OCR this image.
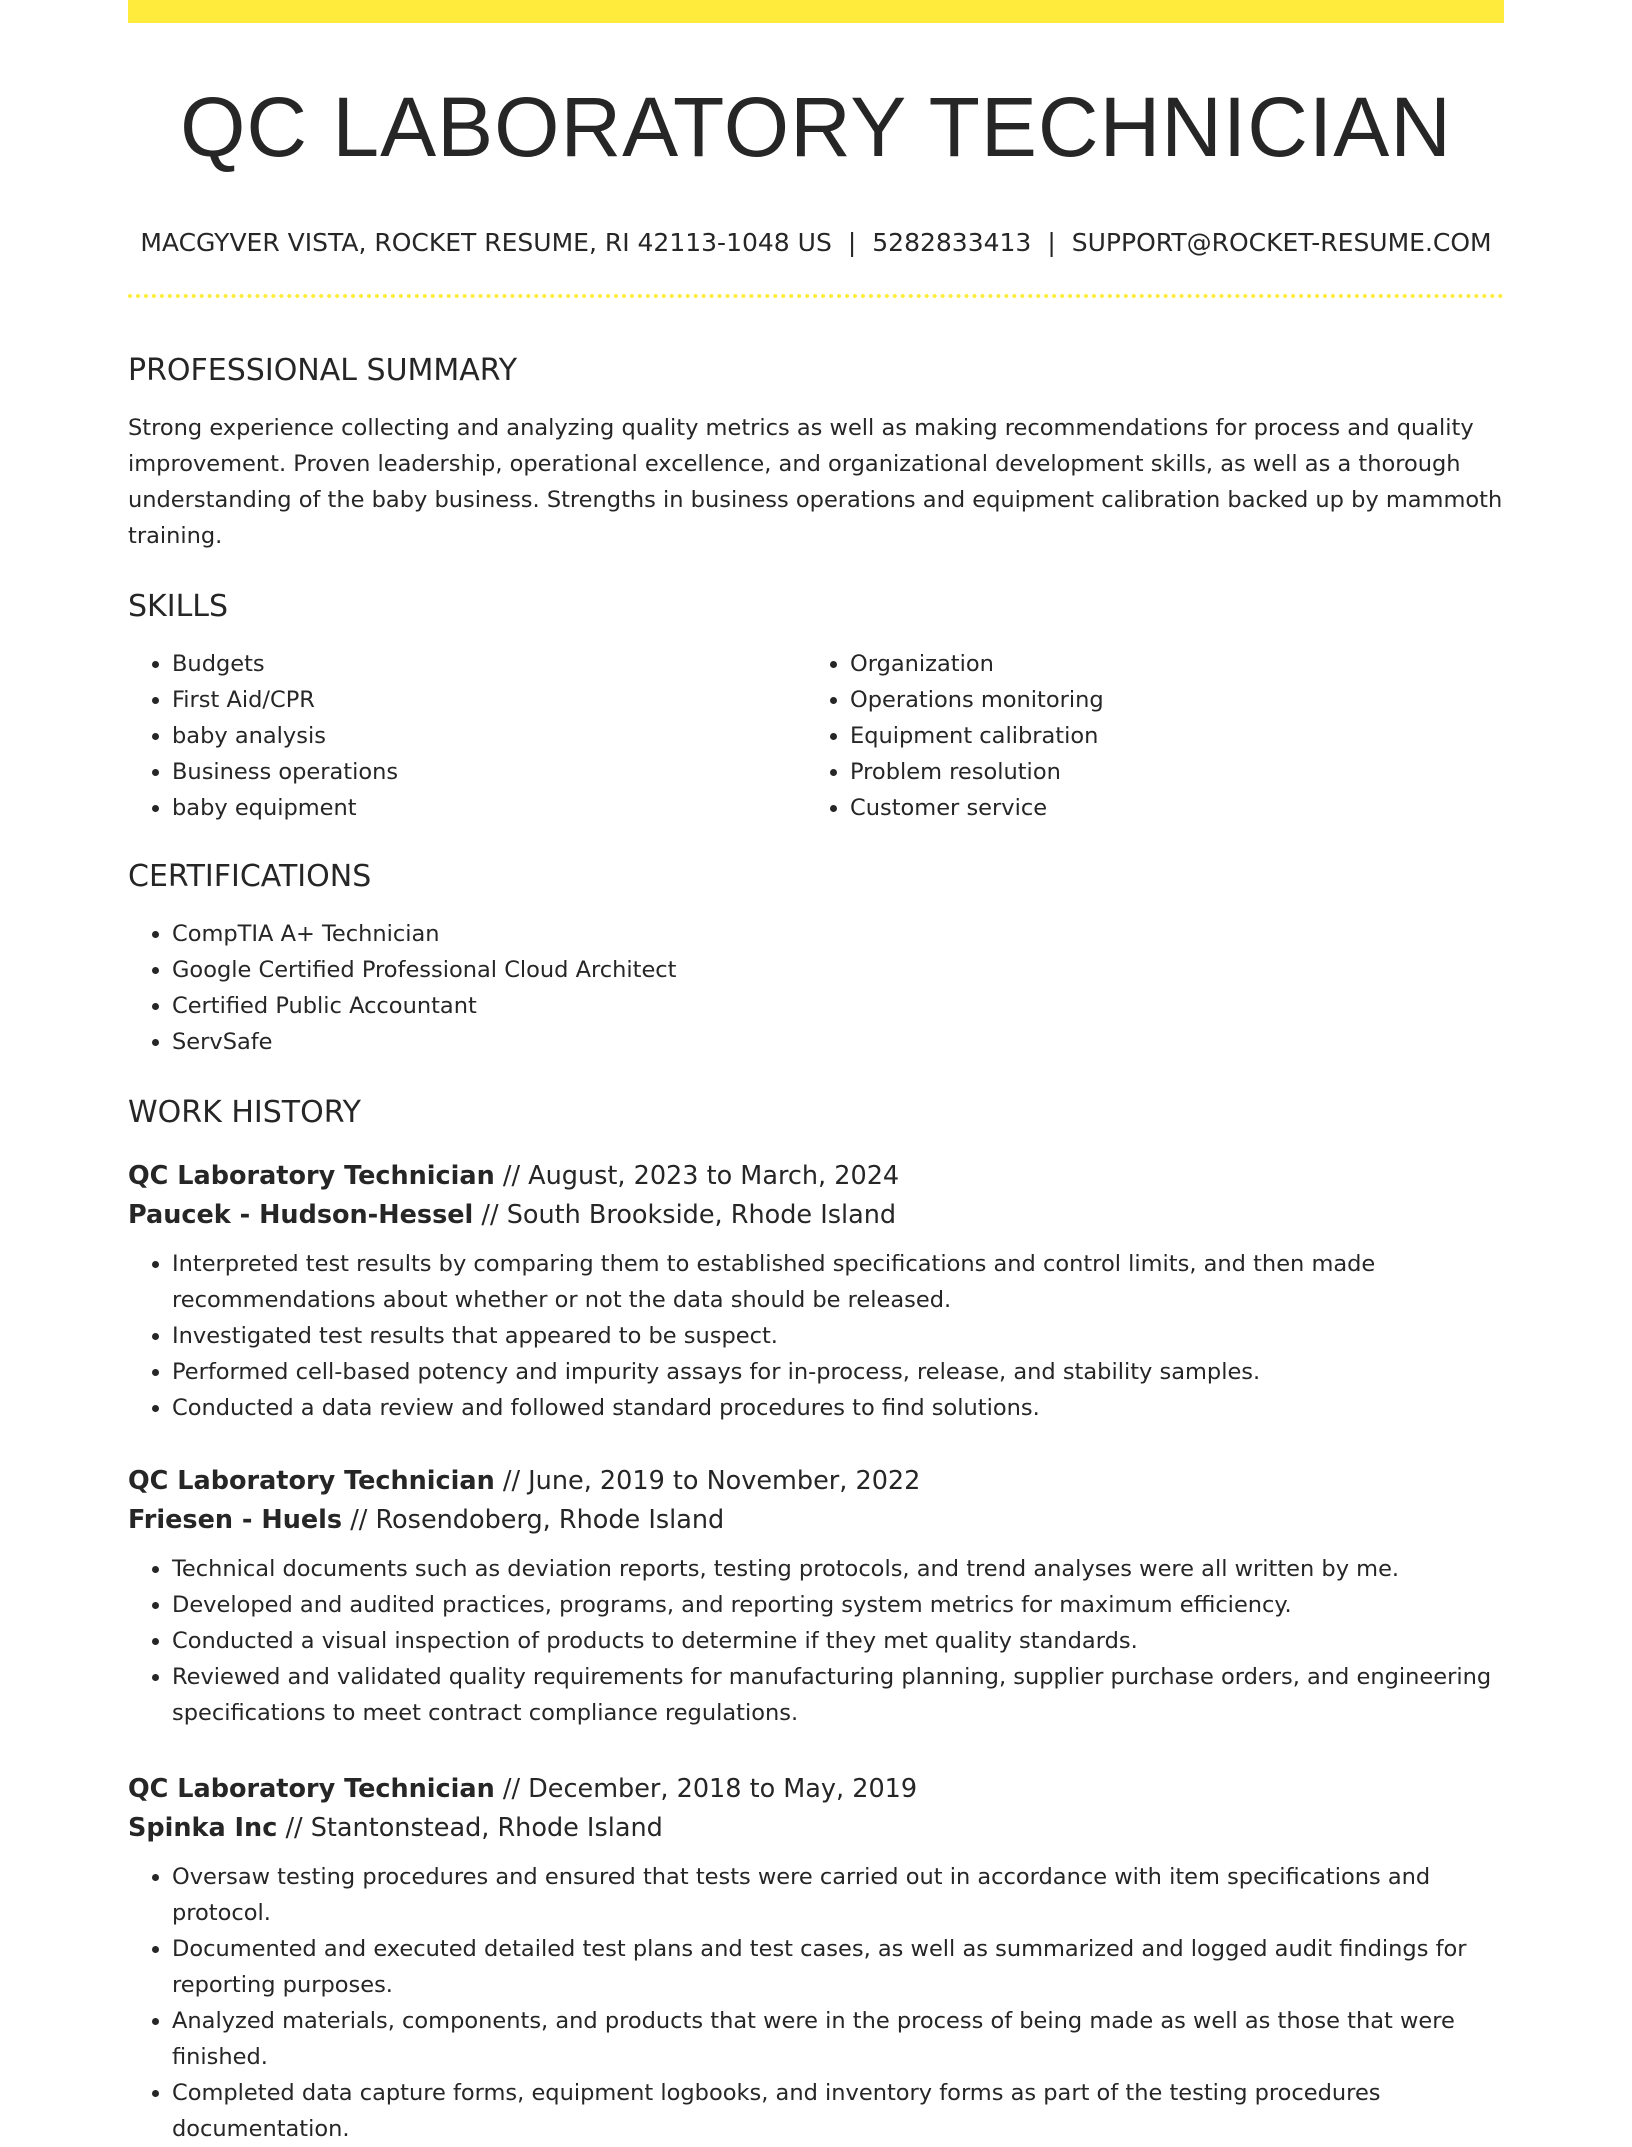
QC LABORATORY TECHNICIAN
MACGYVER VISTA, ROCKET RESUME, RI 42113-1048 US | 5282833413 | SUPPORT@ROCKET-RESUME.COM
PROFESSIONAL SUMMARY

Strong experience collecting and analyzing quality metrics as well as making recommendations for process and quality improvement. Proven leadership, operational excellence, and organizational development skills, as well as a thorough understanding of the baby business. Strengths in business operations and equipment calibration backed up by mammoth training.

SKILLS
• Budgets
• First Aid/CPR
• baby analysis
• Business operations
• baby equipment
• Organization
• Operations monitoring
• Equipment calibration
• Problem resolution
• Customer service
CERTIFICATIONS
• CompTIA A+ Technician
• Google Certified Professional Cloud Architect
• Certified Public Accountant
• ServSafe
WORK HISTORY

QC Laboratory Technician // August, 2023 to March, 2024

Paucek - Hudson-Hessel // South Brookside, Rhode Island

• Interpreted test results by comparing them to established specifications and control limits, and then made recommendations about whether or not the data should be released.
• Investigated test results that appeared to be suspect.
• Performed cell-based potency and impurity assays for in-process, release, and stability samples.
• Conducted a data review and followed standard procedures to find solutions.

QC Laboratory Technician // June, 2019 to November, 2022

Friesen - Huels // Rosendoberg, Rhode Island

• Technical documents such as deviation reports, testing protocols, and trend analyses were all written by me.
• Developed and audited practices, programs, and reporting system metrics for maximum efficiency.
• Conducted a visual inspection of products to determine if they met quality standards.
• Reviewed and validated quality requirements for manufacturing planning, supplier purchase orders, and engineering specifications to meet contract compliance regulations.

QC Laboratory Technician // December, 2018 to May, 2019

Spinka Inc // Stantonstead, Rhode Island

• Oversaw testing procedures and ensured that tests were carried out in accordance with item specifications and protocol.
• Documented and executed detailed test plans and test cases, as well as summarized and logged audit findings for reporting purposes.
• Analyzed materials, components, and products that were in the process of being made as well as those that were finished.
• Completed data capture forms, equipment logbooks, and inventory forms as part of the testing procedures documentation.
